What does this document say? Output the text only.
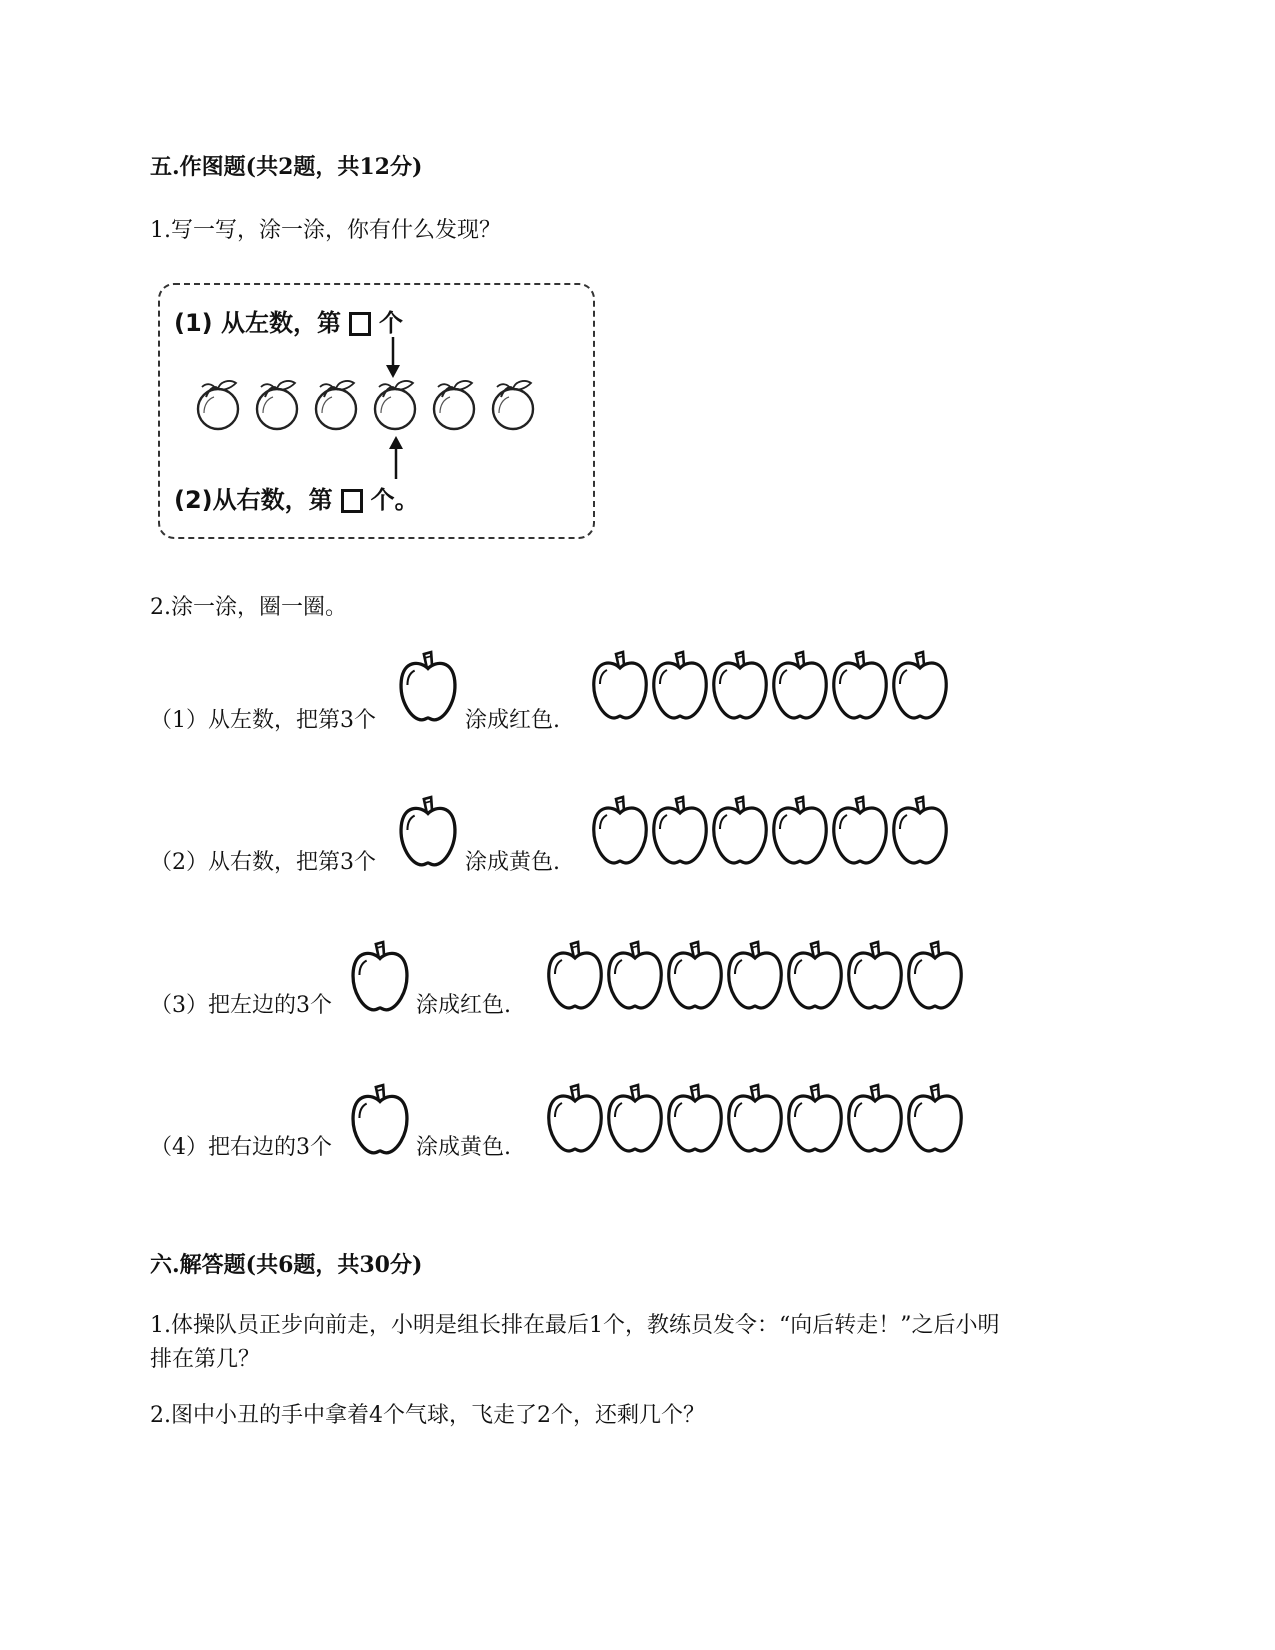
五.作图题(共2题，共12分)
1.写一写，涂一涂，你有什么发现？
(1) 从左数，第 个
(2)从右数，第 个。
2.涂一涂，圈一圈。
（1）从左数，把第3个	涂成红色.
（2）从右数，把第3个	涂成黄色.
（3）把左边的3个	涂成红色.
（4）把右边的3个	涂成黄色.
六.解答题(共6题，共30分)
1.体操队员正步向前走，小明是组长排在最后1个，教练员发令：“向后转走！”之后小明
排在第几？
2.图中小丑的手中拿着4个气球，飞走了2个，还剩几个？
